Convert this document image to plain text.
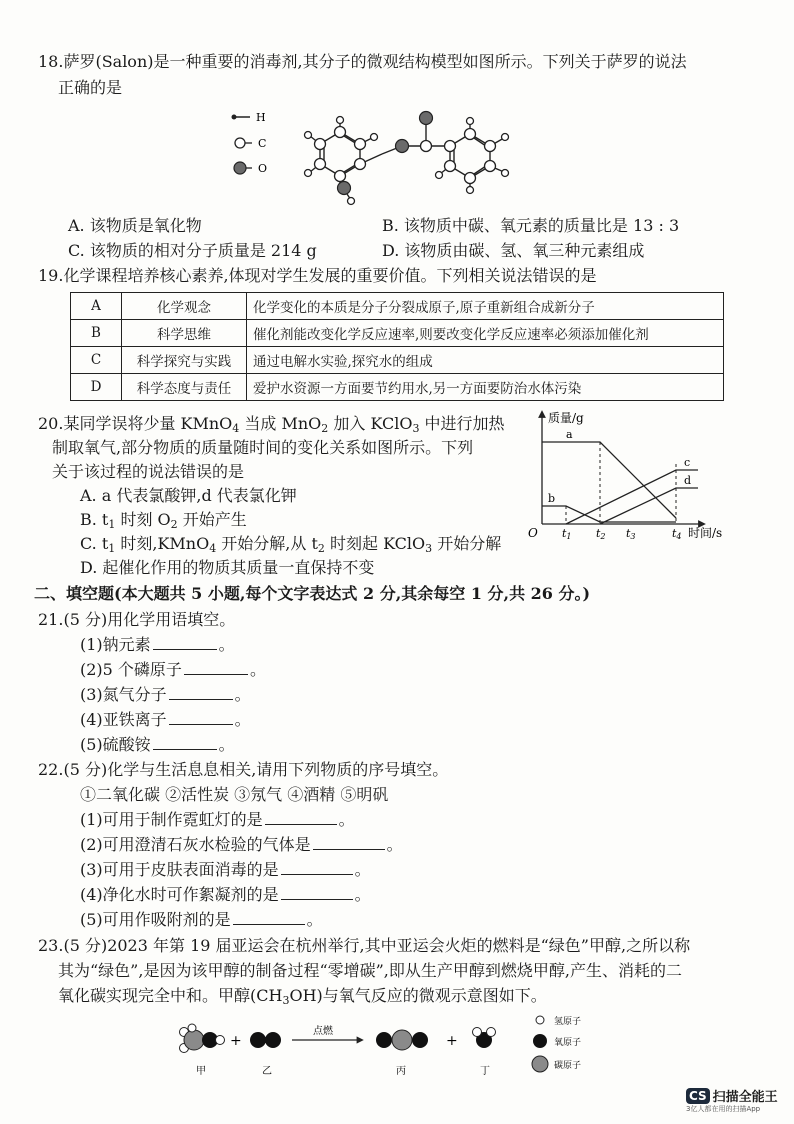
18.萨罗(Salon)是一种重要的消毒剂,其分子的微观结构模型如图所示。下列关于萨罗的说法
正确的是
H
C
O
A. 该物质是氧化物	B. 该物质中碳、氧元素的质量比是 13 : 3
C. 该物质的相对分子质量是 214 g	D. 该物质由碳、氢、氧三种元素组成
19.化学课程培养核心素养,体现对学生发展的重要价值。下列相关说法错误的是
A	化学观念	化学变化的本质是分子分裂成原子,原子重新组合成新分子
B	科学思维	催化剂能改变化学反应速率,则要改变化学反应速率必须添加催化剂
C	科学探究与实践	通过电解水实验,探究水的组成
D	科学态度与责任	爱护水资源一方面要节约用水,另一方面要防治水体污染
20.某同学误将少量 KMnO$_4$ 当成 MnO$_2$ 加入 KClO$_3$ 中进行加热
制取氧气,部分物质的质量随时间的变化关系如图所示。下列
关于该过程的说法错误的是
A. a 代表氯酸钾,d 代表氯化钾
B. $t_1$ 时刻 $O_2$ 开始产生
C. $t_1$ 时刻,KMnO$_4$ 开始分解,从 $t_2$ 时刻起 KClO$_3$ 开始分解
D. 起催化作用的物质其质量一直保持不变
质量/g
时间/s
O
a
b
c
d
t1 t2 t3	t4
二、填空题(本大题共 5 小题,每个文字表达式 2 分,其余每空 1 分,共 26 分。)
21.(5 分)用化学用语填空。
(1)钠元素	。
(2)5 个磷原子	。
(3)氮气分子	。
(4)亚铁离子	。
(5)硫酸铵	。
22.(5 分)化学与生活息息相关,请用下列物质的序号填空。
①二氧化碳 ②活性炭 ③氖气 ④酒精 ⑤明矾
(1)可用于制作霓虹灯的是	。
(2)可用澄清石灰水检验的气体是	。
(3)可用于皮肤表面消毒的是	。
(4)净化水时可作絮凝剂的是	。
(5)可用作吸附剂的是	。
23.(5 分)2023 年第 19 届亚运会在杭州举行,其中亚运会火炬的燃料是“绿色”甲醇,之所以称
其为“绿色”,是因为该甲醇的制备过程“零增碳”,即从生产甲醇到燃烧甲醇,产生、消耗的二
氧化碳实现完全中和。甲醇$(CH_3OH)$与氧气反应的微观示意图如下。
+
点燃
+
甲	乙	丙	丁
氢原子
氧原子
碳原子
CS 扫描全能王
3亿人都在用的扫描App
